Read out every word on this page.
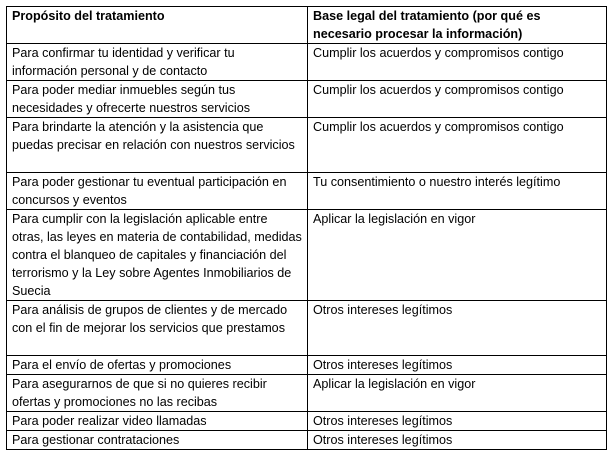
Propósito del tratamiento	Base legal del tratamiento (por qué es necesario procesar la información)
Para confirmar tu identidad y verificar tu información personal y de contacto	Cumplir los acuerdos y compromisos contigo
Para poder mediar inmuebles según tus necesidades y ofrecerte nuestros servicios	Cumplir los acuerdos y compromisos contigo
Para brindarte la atención y la asistencia que puedas precisar en relación con nuestros servicios	Cumplir los acuerdos y compromisos contigo
Para poder gestionar tu eventual participación en concursos y eventos	Tu consentimiento o nuestro interés legítimo
Para cumplir con la legislación aplicable entre otras, las leyes en materia de contabilidad, medidas contra el blanqueo de capitales y financiación del terrorismo y la Ley sobre Agentes Inmobiliarios de Suecia	Aplicar la legislación en vigor
Para análisis de grupos de clientes y de mercado con el fin de mejorar los servicios que prestamos	Otros intereses legítimos
Para el envío de ofertas y promociones	Otros intereses legítimos
Para asegurarnos de que si no quieres recibir ofertas y promociones no las recibas	Aplicar la legislación en vigor
Para poder realizar video llamadas	Otros intereses legítimos
Para gestionar contrataciones	Otros intereses legítimos
